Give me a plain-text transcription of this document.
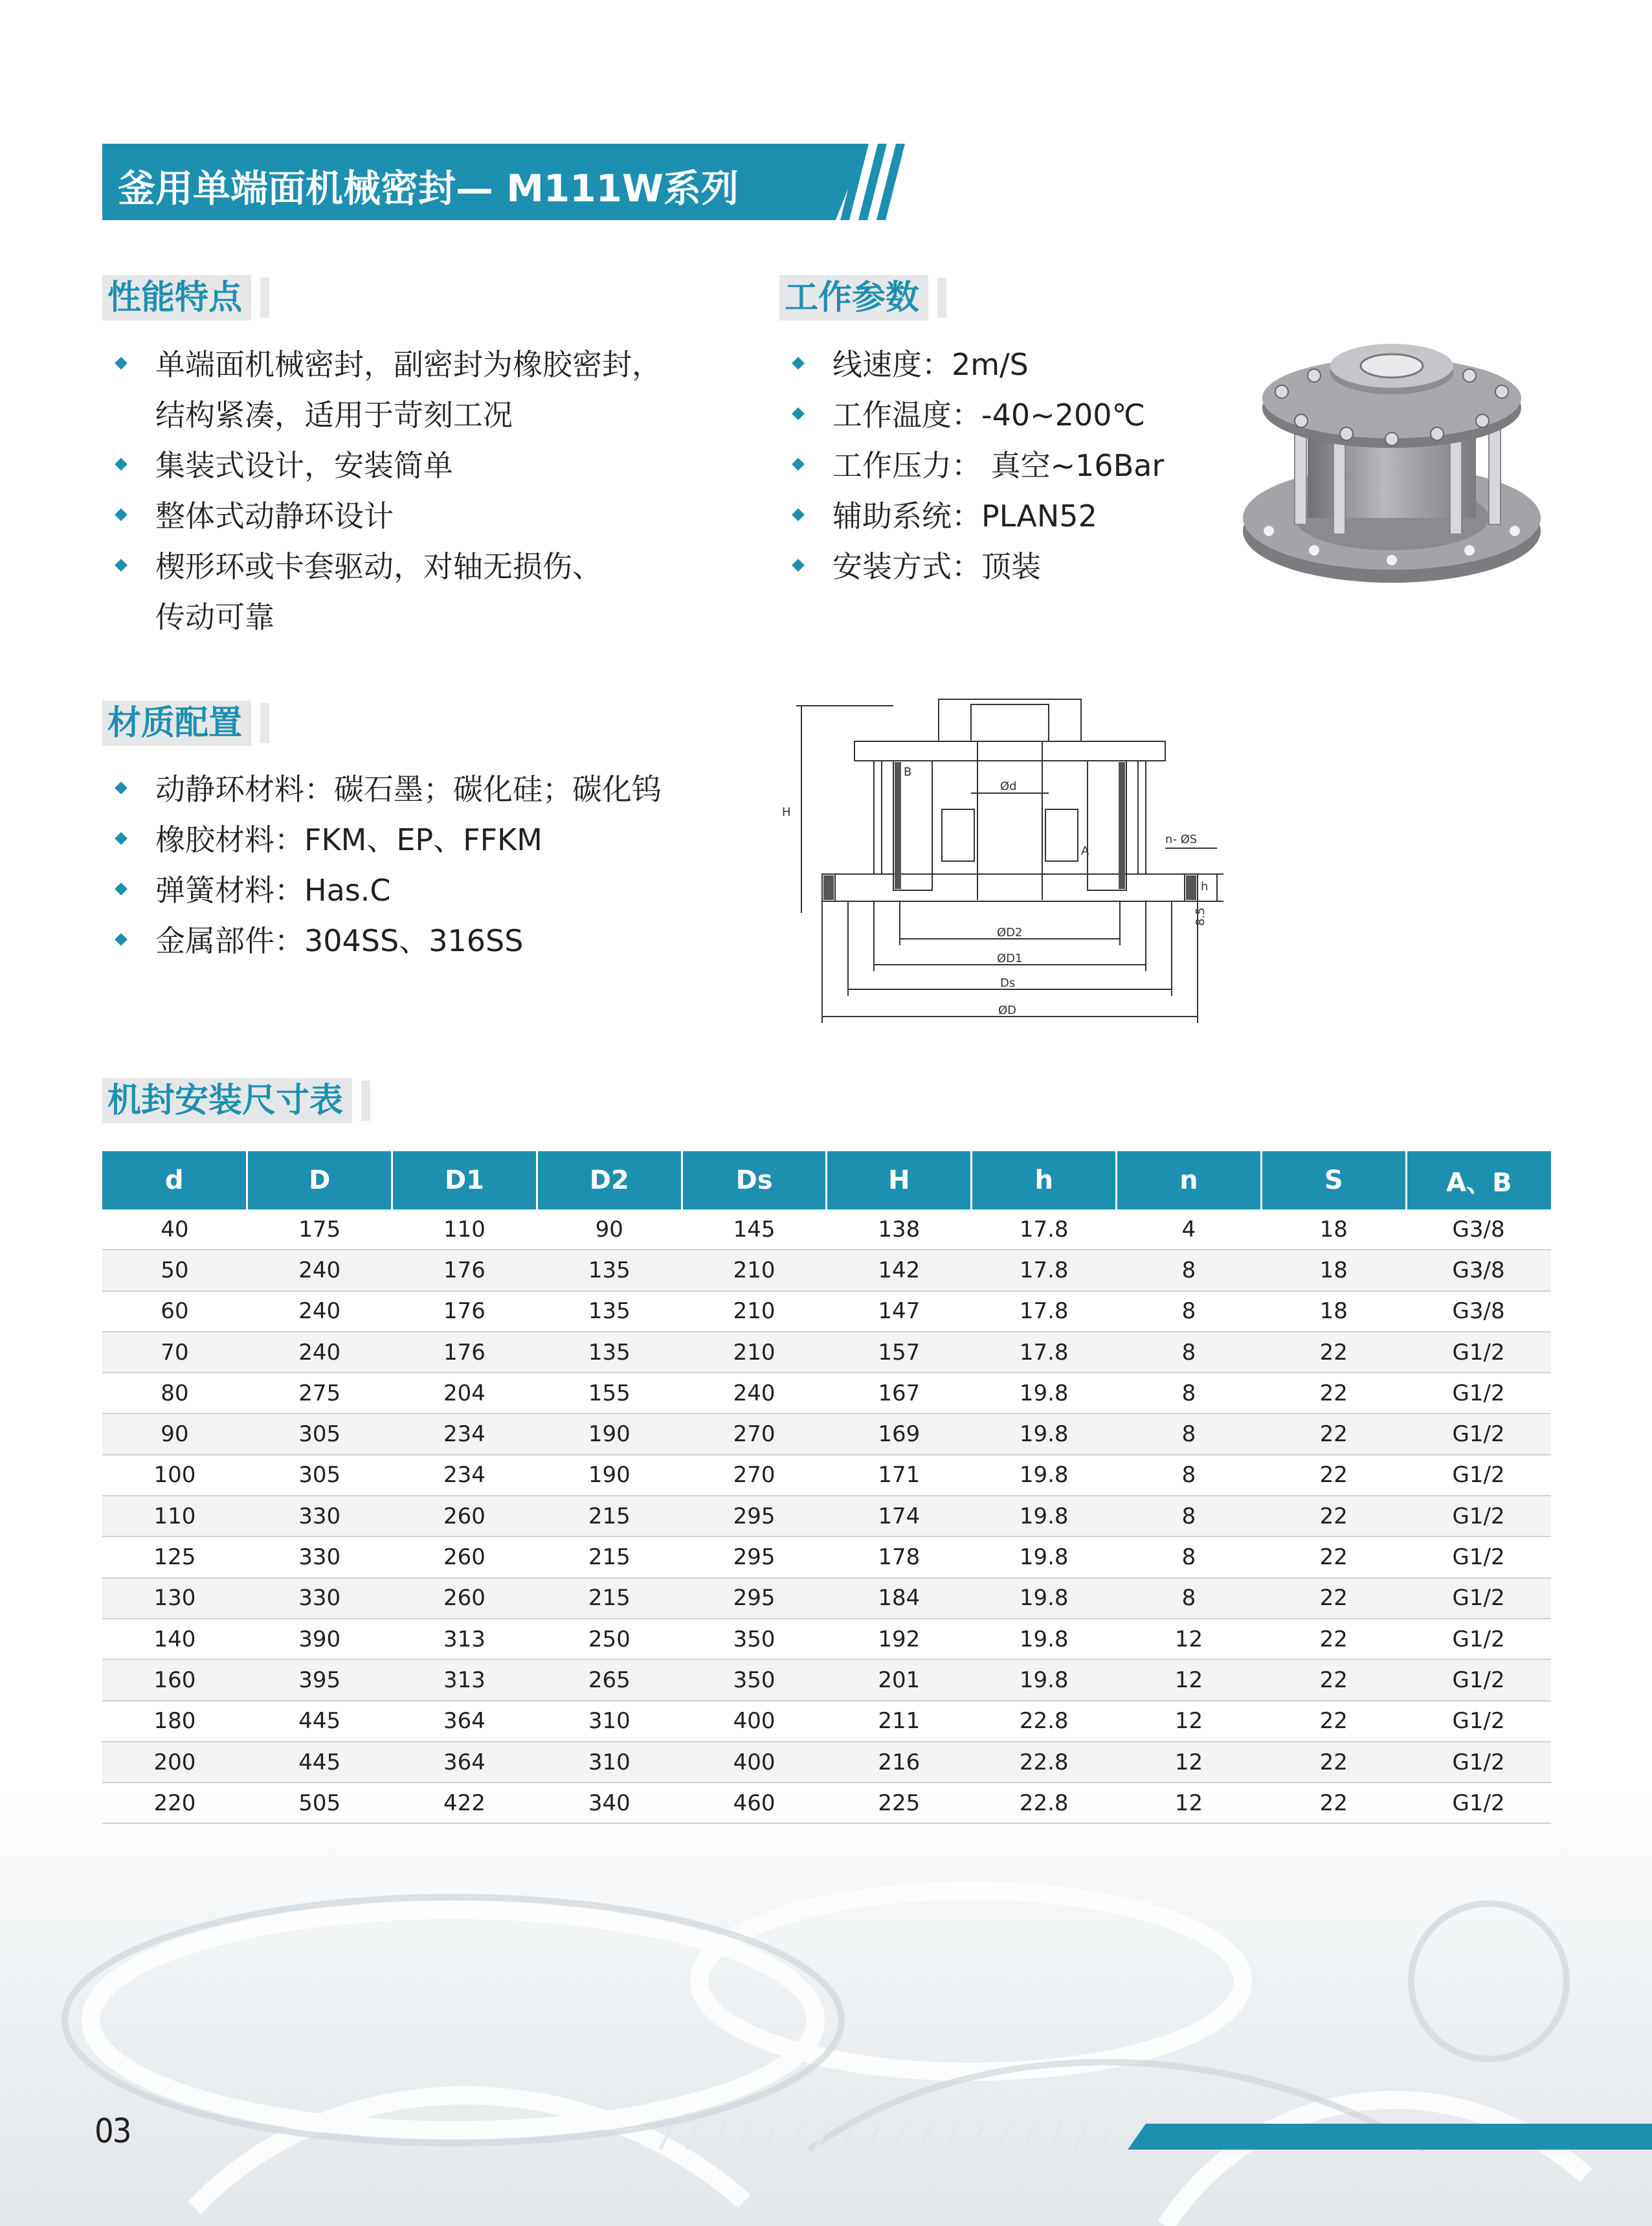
釜用单端面机械密封— M111W系列
性能特点
单端面机械密封，副密封为橡胶密封，
结构紧凑，适用于苛刻工况
集装式设计，安装简单
整体式动静环设计
楔形环或卡套驱动，对轴无损伤、
传动可靠
工作参数
线速度：2m/S
工作温度：-40~200℃
工作压力： 真空~16Bar
辅助系统：PLAN52
安装方式：顶装
材质配置
动静环材料：碳石墨；碳化硅；碳化钨
橡胶材料：FKM、EP、FFKM
弹簧材料：Has.C
金属部件：304SS、316SS
H
Ød
n- ØS
h
8.5
ØD2
ØD1
Ds
ØD
B
A
机封安装尺寸表
d	D	D1	D2	Ds	H	h	n	S	A、B
40	175	110	90	145	138	17.8	4	18	G3/8
50	240	176	135	210	142	17.8	8	18	G3/8
60	240	176	135	210	147	17.8	8	18	G3/8
70	240	176	135	210	157	17.8	8	22	G1/2
80	275	204	155	240	167	19.8	8	22	G1/2
90	305	234	190	270	169	19.8	8	22	G1/2
100	305	234	190	270	171	19.8	8	22	G1/2
110	330	260	215	295	174	19.8	8	22	G1/2
125	330	260	215	295	178	19.8	8	22	G1/2
130	330	260	215	295	184	19.8	8	22	G1/2
140	390	313	250	350	192	19.8	12	22	G1/2
160	395	313	265	350	201	19.8	12	22	G1/2
180	445	364	310	400	211	22.8	12	22	G1/2
200	445	364	310	400	216	22.8	12	22	G1/2
220	505	422	340	460	225	22.8	12	22	G1/2
03
